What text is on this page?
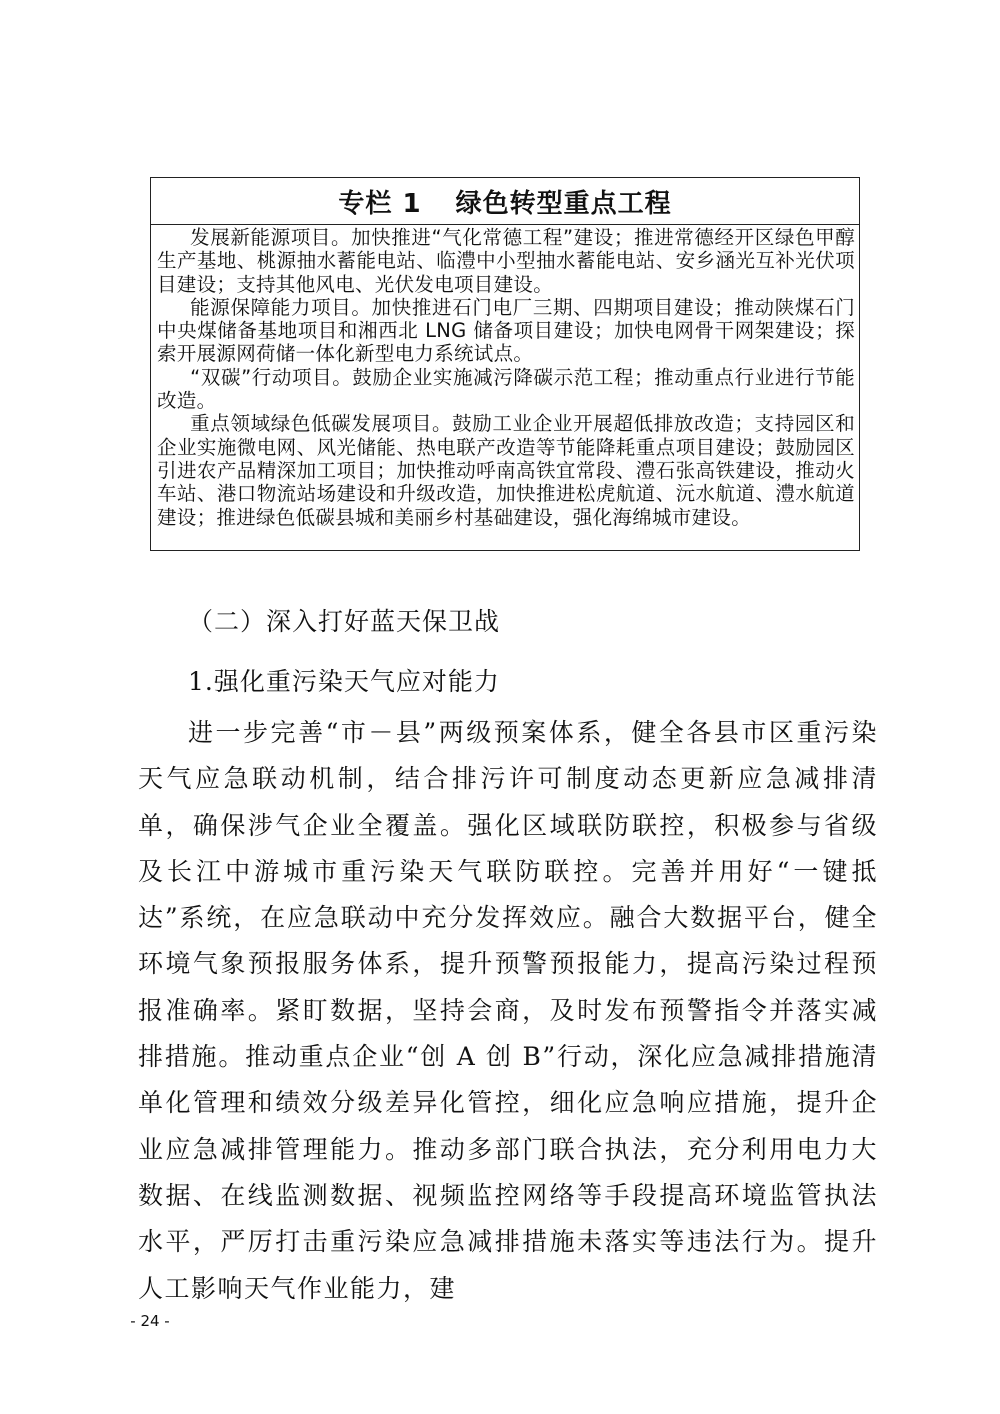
专栏 1 绿色转型重点工程

发展新能源项目。加快推进“气化常德工程”建设；推进常德经开区绿色甲醇生产基地、桃源抽水蓄能电站、临澧中小型抽水蓄能电站、安乡涵光互补光伏项目建设；支持其他风电、光伏发电项目建设。

能源保障能力项目。加快推进石门电厂三期、四期项目建设；推动陕煤石门中央煤储备基地项目和湘西北 LNG 储备项目建设；加快电网骨干网架建设；探索开展源网荷储一体化新型电力系统试点。

“双碳”行动项目。鼓励企业实施减污降碳示范工程；推动重点行业进行节能改造。

重点领域绿色低碳发展项目。鼓励工业企业开展超低排放改造；支持园区和企业实施微电网、风光储能、热电联产改造等节能降耗重点项目建设；鼓励园区引进农产品精深加工项目；加快推动呼南高铁宜常段、澧石张高铁建设，推动火车站、港口物流站场建设和升级改造，加快推进松虎航道、沅水航道、澧水航道建设；推进绿色低碳县城和美丽乡村基础建设，强化海绵城市建设。

（二）深入打好蓝天保卫战
1.强化重污染天气应对能力

进一步完善“市－县”两级预案体系，健全各县市区重污染天气应急联动机制，结合排污许可制度动态更新应急减排清单，确保涉气企业全覆盖。强化区域联防联控，积极参与省级及长江中游城市重污染天气联防联控。完善并用好“一键抵达”系统，在应急联动中充分发挥效应。融合大数据平台，健全环境气象预报服务体系，提升预警预报能力，提高污染过程预报准确率。紧盯数据，坚持会商，及时发布预警指令并落实减排措施。推动重点企业“创 A 创 B”行动，深化应急减排措施清单化管理和绩效分级差异化管控，细化应急响应措施，提升企业应急减排管理能力。推动多部门联合执法，充分利用电力大数据、在线监测数据、视频监控网络等手段提高环境监管执法水平，严厉打击重污染应急减排措施未落实等违法行为。提升人工影响天气作业能力，建

- 24 -
